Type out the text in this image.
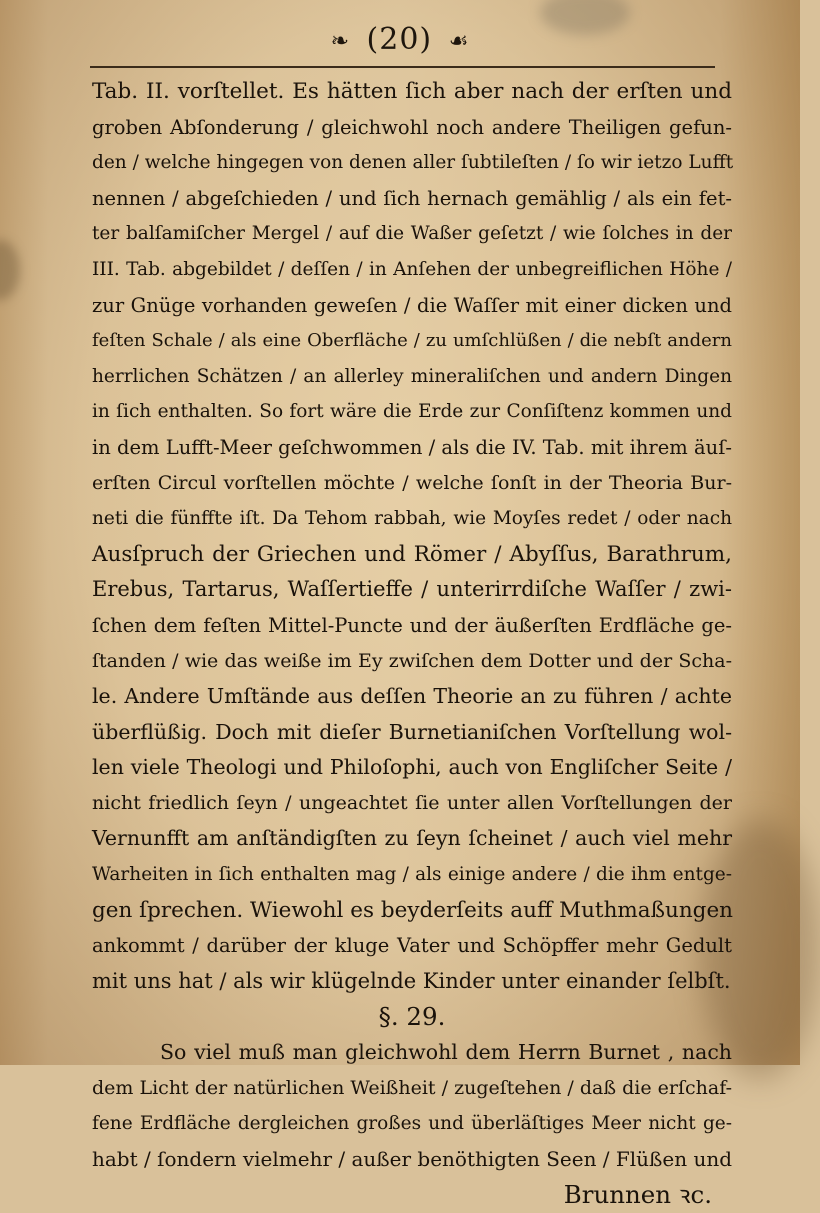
❧ (20) ☙
Tab. II. vorſtellet. Es hätten ſich aber nach der erſten und
groben Abſonderung / gleichwohl noch andere Theiligen gefun-
den / welche hingegen von denen aller ſubtileſten / ſo wir ietzo Lufft
nennen / abgeſchieden / und ſich hernach gemählig / als ein fet-
ter balſamiſcher Mergel / auf die Waßer geſetzt / wie ſolches in der
III. Tab. abgebildet / deſſen / in Anſehen der unbegreiflichen Höhe /
zur Gnüge vorhanden geweſen / die Waſſer mit einer dicken und
feſten Schale / als eine Oberfläche / zu umſchlüßen / die nebſt andern
herrlichen Schätzen / an allerley mineraliſchen und andern Dingen
in ſich enthalten. So fort wäre die Erde zur Conſiſtenz kommen und
in dem Lufft-Meer geſchwommen / als die IV. Tab. mit ihrem äuſ-
erſten Circul vorſtellen möchte / welche ſonſt in der Theoria Bur-
neti die fünffte iſt. Da Tehom rabbah, wie Moyſes redet / oder nach
Ausſpruch der Griechen und Römer / Abyſſus, Barathrum,
Erebus, Tartarus, Waſſertieffe / unterirrdiſche Waſſer / zwi-
ſchen dem feſten Mittel-Puncte und der äußerſten Erdfläche ge-
ſtanden / wie das weiße im Ey zwiſchen dem Dotter und der Scha-
le. Andere Umſtände aus deſſen Theorie an zu führen / achte
überflüßig. Doch mit dieſer Burnetianiſchen Vorſtellung wol-
len viele Theologi und Philoſophi, auch von Engliſcher Seite /
nicht friedlich ſeyn / ungeachtet ſie unter allen Vorſtellungen der
Vernunfft am anſtändigſten zu ſeyn ſcheinet / auch viel mehr
Warheiten in ſich enthalten mag / als einige andere / die ihm entge-
gen ſprechen. Wiewohl es beyderſeits auff Muthmaßungen
ankommt / darüber der kluge Vater und Schöpffer mehr Gedult
mit uns hat / als wir klügelnde Kinder unter einander ſelbſt.
§. 29.
So viel muß man gleichwohl dem Herrn Burnet , nach
dem Licht der natürlichen Weißheit / zugeſtehen / daß die erſchaf-
fene Erdfläche dergleichen großes und überläſtiges Meer nicht ge-
habt / ſondern vielmehr / außer benöthigten Seen / Flüßen und
Brunnen ꝛc.
